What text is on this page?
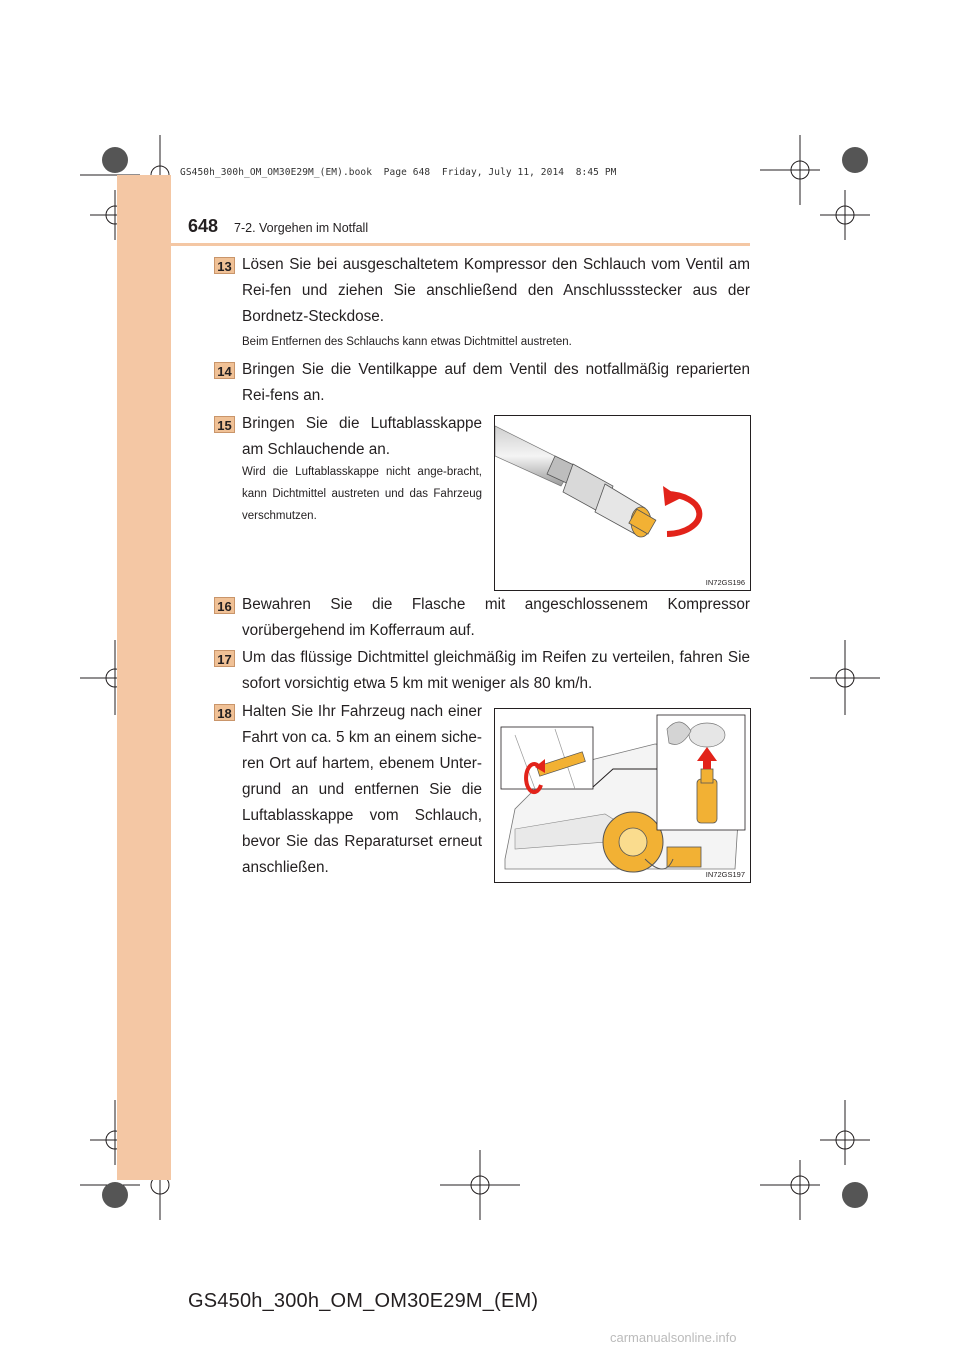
GS450h_300h_OM_OM30E29M_(EM).book  Page 648  Friday, July 11, 2014  8:45 PM
648 7-2. Vorgehen im Notfall
13 Lösen Sie bei ausgeschaltetem Kompressor den Schlauch vom Ventil am Rei-fen und ziehen Sie anschließend den Anschlussstecker aus der Bordnetz-Steckdose.
Beim Entfernen des Schlauchs kann etwas Dichtmittel austreten.
14 Bringen Sie die Ventilkappe auf dem Ventil des notfallmäßig reparierten Rei-fens an.
15 Bringen Sie die Luftablasskappe am Schlauchende an.
Wird die Luftablasskappe nicht ange-bracht, kann Dichtmittel austreten und das Fahrzeug verschmutzen.
IN72GS196
16 Bewahren Sie die Flasche mit angeschlossenem Kompressor vorübergehend im Kofferraum auf.
17 Um das flüssige Dichtmittel gleichmäßig im Reifen zu verteilen, fahren Sie sofort vorsichtig etwa 5 km mit weniger als 80 km/h.
18 Halten Sie Ihr Fahrzeug nach einer Fahrt von ca. 5 km an einem siche-ren Ort auf hartem, ebenem Unter-grund an und entfernen Sie die Luftablasskappe vom Schlauch, bevor Sie das Reparaturset erneut anschließen.	IN72GS197
GS450h_300h_OM_OM30E29M_(EM)
carmanualsonline.info
